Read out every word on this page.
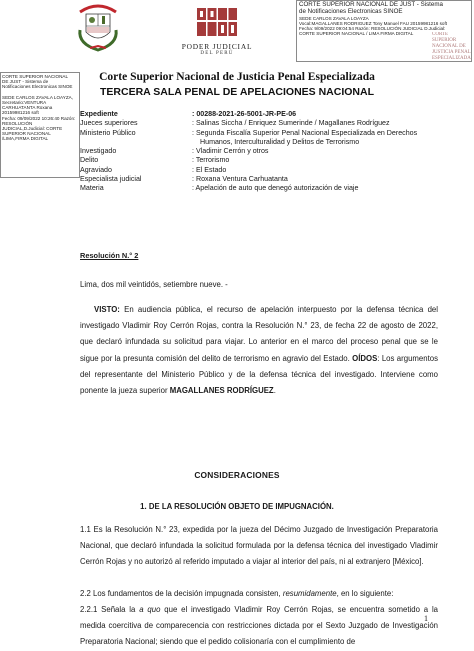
PODER JUDICIAL
DEL PERÚ
CORTE SUPERIOR NACIONAL DE JUST - Sistema
de Notificaciones Electronicas SINOE
SEDE CARLOS ZAVALA LOAYZA
Vocal:MAGALLANES RODRIGUEZ Tony Manuel FAU 20159981216 soft
Fecha: 9/09/2022 09:04:54 Razón: RESOLUCIÓN JUDICIAL D.Judicial:
CORTE SUPERIOR NACIONAL / LIMA FIRMA DIGITAL	CORTE SUPERIOR NACIONAL DE JUSTICIA PENAL ESPECIALIZADA
Corte Superior Nacional de Justicia Penal Especializada
TERCERA SALA PENAL DE APELACIONES NACIONAL
CORTE SUPERIOR NACIONAL
DE JUST - Sistema de
Notificaciones Electronicas SINOE

SEDE CARLOS ZAVALA LOAYZA,
Secretario:VENTURA
CARHUATANTA Roxana
20159981216 soft
Fecha: 09/09/2022 10:26:40 Razón:
RESOLUCIÓN
JUDICIAL,D.Judicial: CORTE
SUPERIOR NACIONAL
/LIMA,FIRMA DIGITAL
Expediente	: 00288-2021-26-5001-JR-PE-06
Jueces superiores	: Salinas Siccha / Enriquez Sumerinde / Magallanes Rodríguez
Ministerio Público	: Segunda Fiscalía Superior Penal Nacional Especializada en Derechos
Humanos, Interculturalidad y Delitos de Terrorismo
Investigado	: Vladimir Cerrón y otros
Delito	: Terrorismo
Agraviado	: El Estado
Especialista judicial	: Roxana Ventura Carhuatanta
Materia	: Apelación de auto que denegó autorización de viaje
Resolución N.° 2
Lima, dos mil veintidós, setiembre nueve. -
VISTO: En audiencia pública, el recurso de apelación interpuesto por la defensa técnica del investigado Vladimir Roy Cerrón Rojas, contra la Resolución N.° 23, de fecha 22 de agosto de 2022, que declaró infundada su solicitud para viajar. Lo anterior en el marco del proceso penal que se le sigue por la presunta comisión del delito de terrorismo en agravio del Estado. OÍDOS: Los argumentos del representante del Ministerio Público y de la defensa técnica del investigado. Interviene como ponente la jueza superior MAGALLANES RODRÍGUEZ.
CONSIDERACIONES
1. DE LA RESOLUCIÓN OBJETO DE IMPUGNACIÓN.
1.1 Es la Resolución N.° 23, expedida por la jueza del Décimo Juzgado de Investigación Preparatoria Nacional, que declaró infundada la solicitud formulada por la defensa técnica del investigado Vladimir Cerrón Rojas y no autorizó al referido imputado a viajar al interior del país, ni al extranjero [México].
2.2 Los fundamentos de la decisión impugnada consisten, resumidamente, en lo siguiente:
2.2.1 Señala la a quo que el investigado Vladimir Roy Cerrón Rojas, se encuentra sometido a la medida coercitiva de comparecencia con restricciones dictada por el Sexto Juzgado de Investigación Preparatoria Nacional; siendo que el pedido colisionaría con el cumplimiento de
1
